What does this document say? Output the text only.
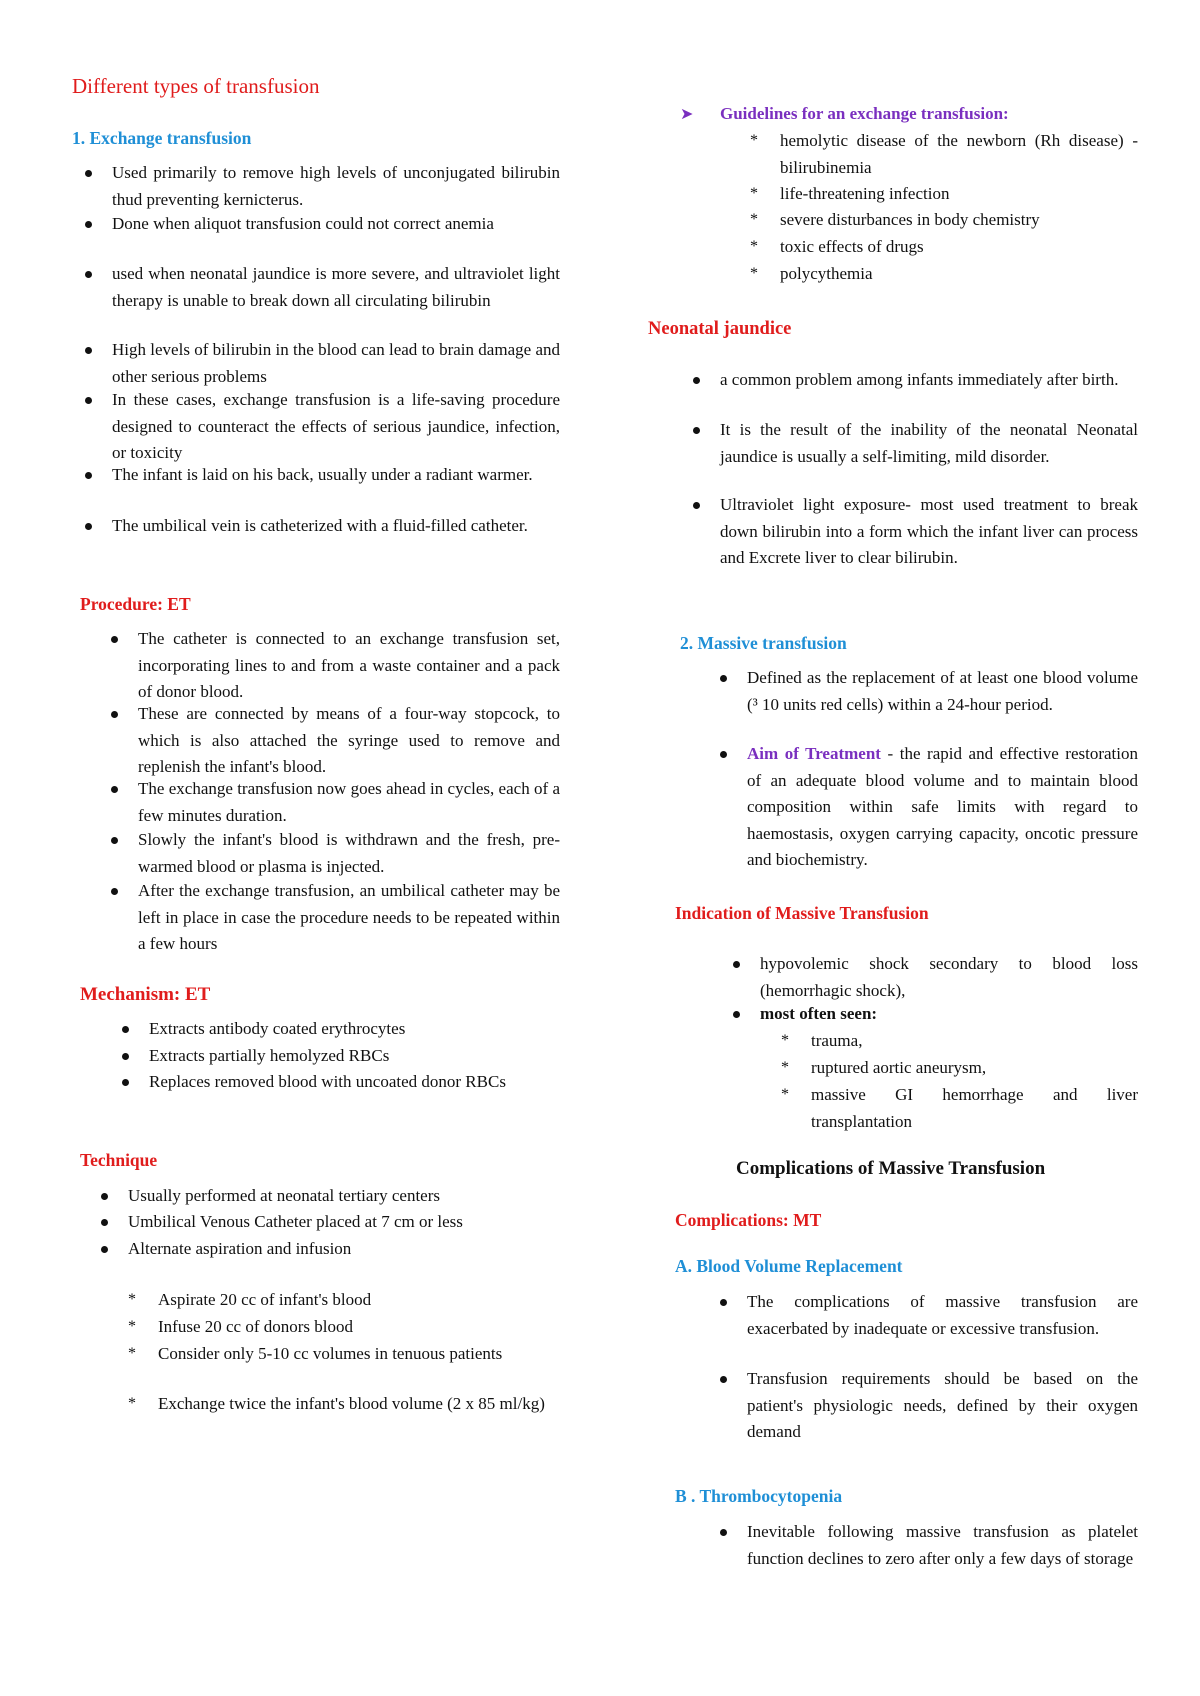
Different types of transfusion
1. Exchange transfusion
Used primarily to remove high levels of unconjugated bilirubin thud preventing kernicterus.
Done when aliquot transfusion could not correct anemia
used when neonatal jaundice is more severe, and ultraviolet light therapy is unable to break down all circulating bilirubin
High levels of bilirubin in the blood can lead to brain damage and other serious problems
In these cases, exchange transfusion is a life-saving procedure designed to counteract the effects of serious jaundice, infection, or toxicity
The infant is laid on his back, usually under a radiant warmer.
The umbilical vein is catheterized with a fluid-filled catheter.
Procedure: ET
The catheter is connected to an exchange transfusion set, incorporating lines to and from a waste container and a pack of donor blood.
These are connected by means of a four-way stopcock, to which is also attached the syringe used to remove and replenish the infant's blood.
The exchange transfusion now goes ahead in cycles, each of a few minutes duration.
Slowly the infant's blood is withdrawn and the fresh, pre-warmed blood or plasma is injected.
After the exchange transfusion, an umbilical catheter may be left in place in case the procedure needs to be repeated within a few hours
Mechanism: ET
Extracts antibody coated erythrocytes
Extracts partially hemolyzed RBCs
Replaces removed blood with uncoated donor RBCs
Technique
Usually performed at neonatal tertiary centers
Umbilical Venous Catheter placed at 7 cm or less
Alternate aspiration and infusion
* Aspirate 20 cc of infant's blood
* Infuse 20 cc of donors blood
* Consider only 5-10 cc volumes in tenuous patients
* Exchange twice the infant's blood volume (2 x 85 ml/kg)
➤ Guidelines for an exchange transfusion:
* hemolytic disease of the newborn (Rh disease) -bilirubinemia
* life-threatening infection
* severe disturbances in body chemistry
* toxic effects of drugs
* polycythemia
Neonatal jaundice
a common problem among infants immediately after birth.
It is the result of the inability of the neonatal Neonatal jaundice is usually a self-limiting, mild disorder.
Ultraviolet light exposure- most used treatment to break down bilirubin into a form which the infant liver can process and Excrete liver to clear bilirubin.
2. Massive transfusion
Defined as the replacement of at least one blood volume (³ 10 units red cells) within a 24-hour period.
Aim of Treatment - the rapid and effective restoration of an adequate blood volume and to maintain blood composition within safe limits with regard to haemostasis, oxygen carrying capacity, oncotic pressure and biochemistry.
Indication of Massive Transfusion
hypovolemic shock secondary to blood loss (hemorrhagic shock),
most often seen:
* trauma,
* ruptured aortic aneurysm,
* massive GI hemorrhage and liver transplantation
Complications of Massive Transfusion
Complications: MT
A. Blood Volume Replacement
The complications of massive transfusion are exacerbated by inadequate or excessive transfusion.
Transfusion requirements should be based on the patient's physiologic needs, defined by their oxygen demand
B . Thrombocytopenia
Inevitable following massive transfusion as platelet function declines to zero after only a few days of storage
